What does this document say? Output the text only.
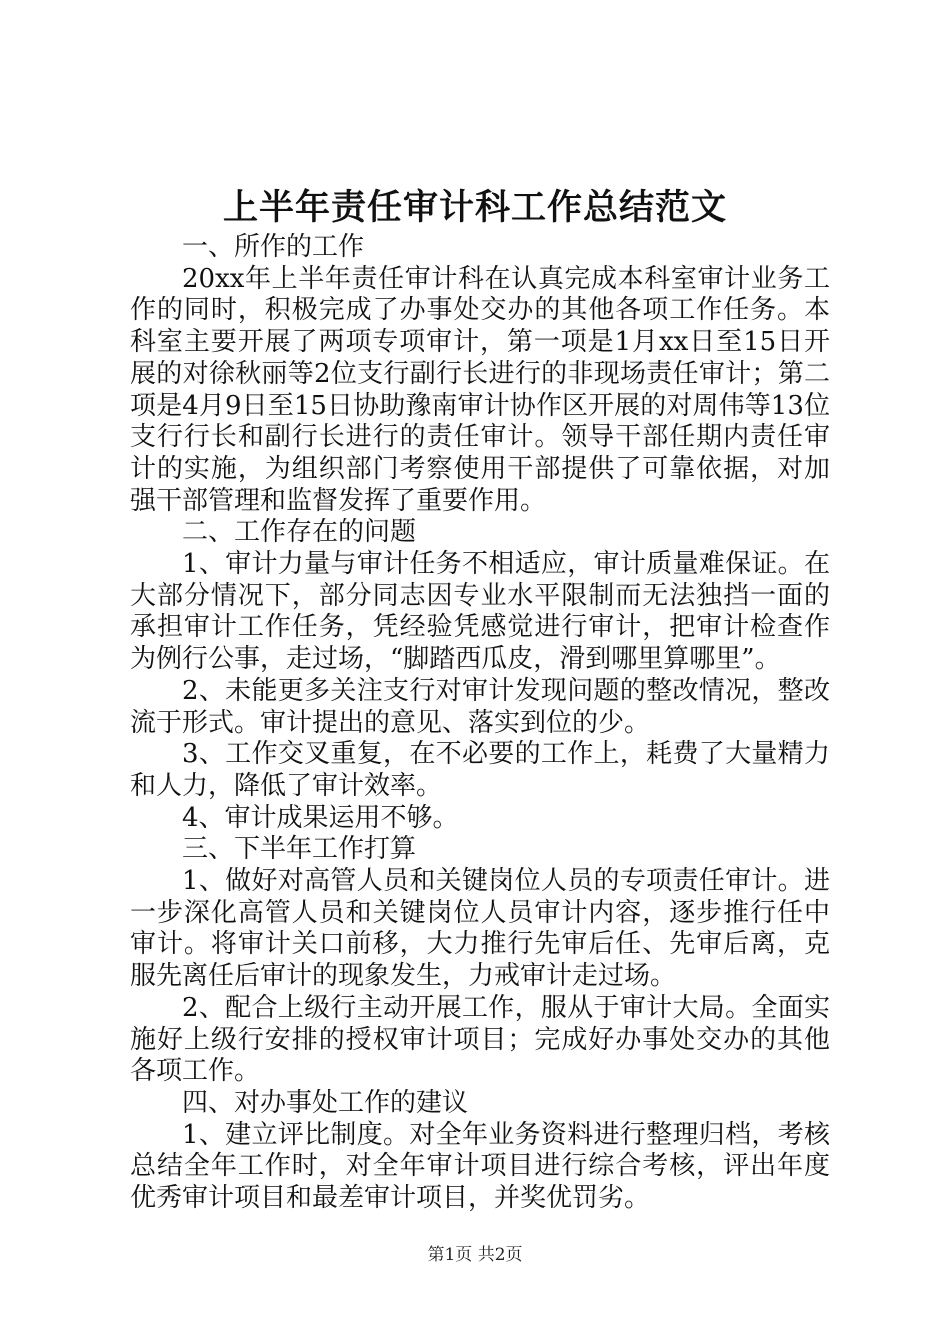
上半年责任审计科工作总结范文

一、所作的工作

20xx年上半年责任审计科在认真完成本科室审计业务工作的同时，积极完成了办事处交办的其他各项工作任务。本科室主要开展了两项专项审计，第一项是1月xx日至15日开展的对徐秋丽等2位支行副行长进行的非现场责任审计；第二项是4月9日至15日协助豫南审计协作区开展的对周伟等13位支行行长和副行长进行的责任审计。领导干部任期内责任审计的实施，为组织部门考察使用干部提供了可靠依据，对加强干部管理和监督发挥了重要作用。

二、工作存在的问题

1、审计力量与审计任务不相适应，审计质量难保证。在大部分情况下，部分同志因专业水平限制而无法独挡一面的承担审计工作任务，凭经验凭感觉进行审计，把审计检查作为例行公事，走过场，“脚踏西瓜皮，滑到哪里算哪里”。

2、未能更多关注支行对审计发现问题的整改情况，整改流于形式。审计提出的意见、落实到位的少。

3、工作交叉重复，在不必要的工作上，耗费了大量精力和人力，降低了审计效率。

4、审计成果运用不够。

三、下半年工作打算

1、做好对高管人员和关键岗位人员的专项责任审计。进一步深化高管人员和关键岗位人员审计内容，逐步推行任中审计。将审计关口前移，大力推行先审后任、先审后离，克服先离任后审计的现象发生，力戒审计走过场。

2、配合上级行主动开展工作，服从于审计大局。全面实施好上级行安排的授权审计项目；完成好办事处交办的其他各项工作。

四、对办事处工作的建议

1、建立评比制度。对全年业务资料进行整理归档，考核总结全年工作时，对全年审计项目进行综合考核，评出年度优秀审计项目和最差审计项目，并奖优罚劣。

第1页 共2页
